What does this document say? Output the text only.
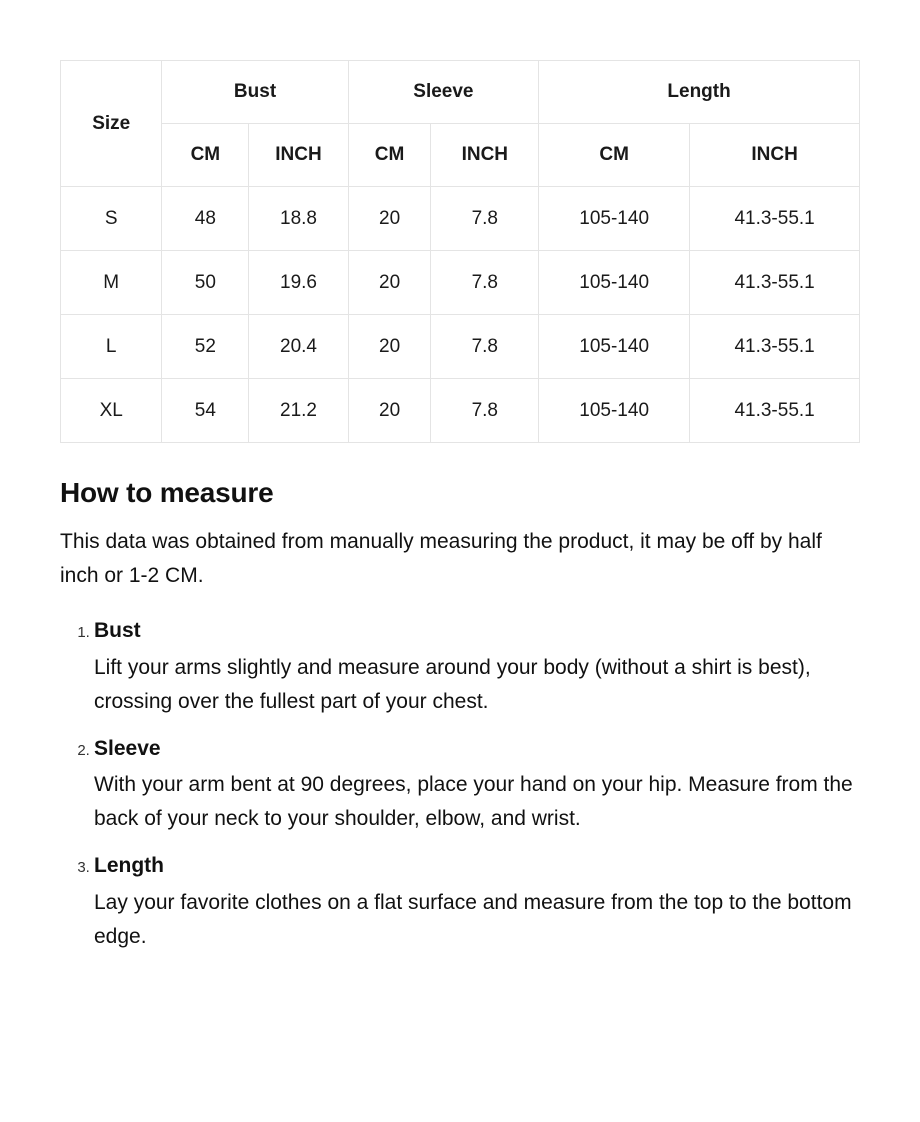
Size	Bust		Sleeve		Length	
	CM	INCH	CM	INCH	CM	INCH
S	48	18.8	20	7.8	105-140	41.3-55.1
M	50	19.6	20	7.8	105-140	41.3-55.1
L	52	20.4	20	7.8	105-140	41.3-55.1
XL	54	21.2	20	7.8	105-140	41.3-55.1
How to measure

This data was obtained from manually measuring the product, it may be off by half inch or 1-2 CM.

1. Bust
Lift your arms slightly and measure around your body (without a shirt is best), crossing over the fullest part of your chest.
2. Sleeve
With your arm bent at 90 degrees, place your hand on your hip. Measure from the back of your neck to your shoulder, elbow, and wrist.
3. Length
Lay your favorite clothes on a flat surface and measure from the top to the bottom edge.
